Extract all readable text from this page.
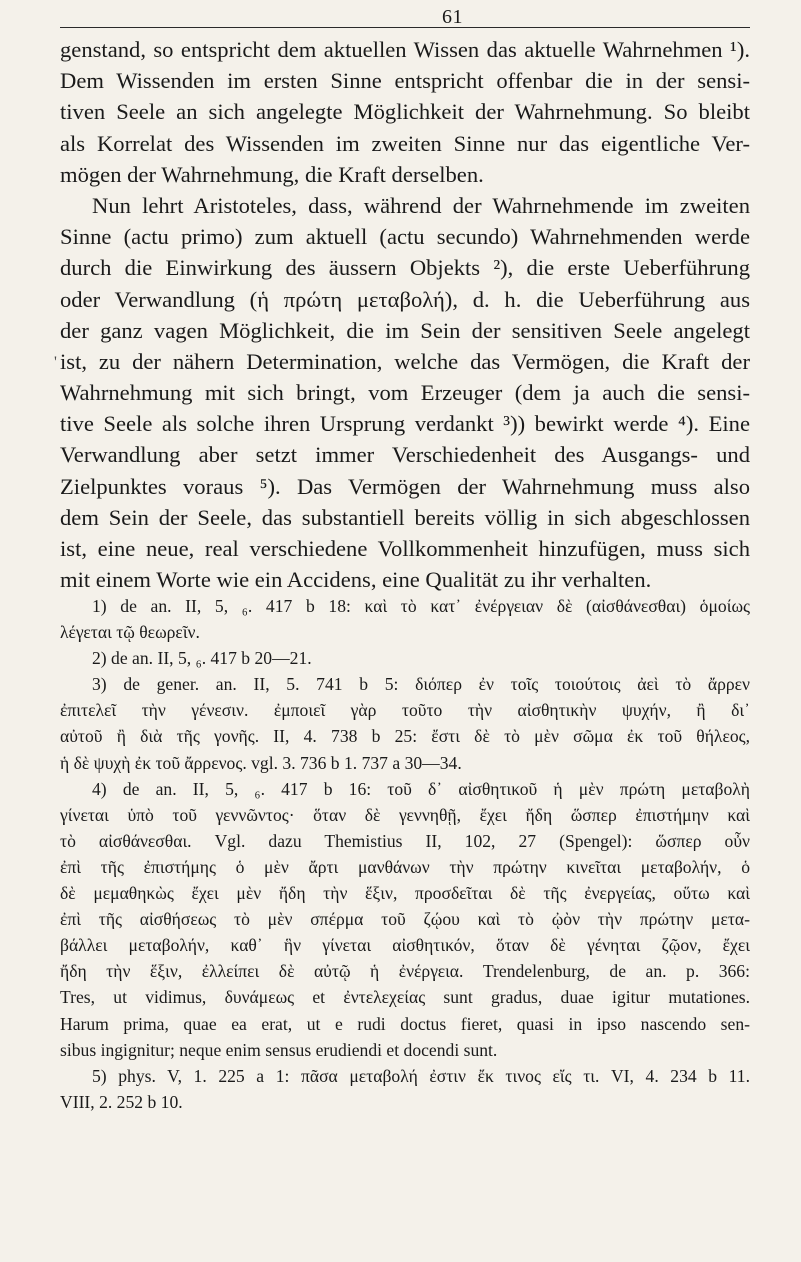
61
genstand, so entspricht dem aktuellen Wissen das aktuelle Wahrnehmen ¹).
Dem Wissenden im ersten Sinne entspricht offenbar die in der sensi-
tiven Seele an sich angelegte Möglichkeit der Wahrnehmung. So bleibt
als Korrelat des Wissenden im zweiten Sinne nur das eigentliche Ver-
mögen der Wahrnehmung, die Kraft derselben.
Nun lehrt Aristoteles, dass, während der Wahrnehmende im zweiten
Sinne (actu primo) zum aktuell (actu secundo) Wahrnehmenden werde
durch die Einwirkung des äussern Objekts ²), die erste Ueberführung
oder Verwandlung (ἡ πρώτη μεταβολή), d. h. die Ueberführung aus
der ganz vagen Möglichkeit, die im Sein der sensitiven Seele angelegt
ist, zu der nähern Determination, welche das Vermögen, die Kraft der
Wahrnehmung mit sich bringt, vom Erzeuger (dem ja auch die sensi-
tive Seele als solche ihren Ursprung verdankt ³)) bewirkt werde ⁴). Eine
Verwandlung aber setzt immer Verschiedenheit des Ausgangs- und
Zielpunktes voraus ⁵). Das Vermögen der Wahrnehmung muss also
dem Sein der Seele, das substantiell bereits völlig in sich abgeschlossen
ist, eine neue, real verschiedene Vollkommenheit hinzufügen, muss sich
mit einem Worte wie ein Accidens, eine Qualität zu ihr verhalten.
1) de an. II, 5, ₆. 417 b 18: καὶ τὸ κατ᾽ ἐνέργειαν δὲ (αἰσθάνεσθαι) ὁμοίως
λέγεται τῷ θεωρεῖν.
2) de an. II, 5, ₆. 417 b 20—21.
3) de gener. an. II, 5. 741 b 5: διόπερ ἐν τοῖς τοιούτοις ἀεὶ τὸ ἄρρεν
ἐπιτελεῖ τὴν γένεσιν. ἐμποιεῖ γὰρ τοῦτο τὴν αἰσθητικὴν ψυχήν, ἢ δι᾽
αὐτοῦ ἢ διὰ τῆς γονῆς. II, 4. 738 b 25: ἔστι δὲ τὸ μὲν σῶμα ἐκ τοῦ θήλεος,
ἡ δὲ ψυχὴ ἐκ τοῦ ἄρρενος. vgl. 3. 736 b 1. 737 a 30—34.
4) de an. II, 5, ₆. 417 b 16: τοῦ δ᾽ αἰσθητικοῦ ἡ μὲν πρώτη μεταβολὴ
γίνεται ὑπὸ τοῦ γεννῶντος· ὅταν δὲ γεννηθῇ, ἔχει ἤδη ὥσπερ ἐπιστήμην καὶ
τὸ αἰσθάνεσθαι. Vgl. dazu Themistius II, 102, 27 (Spengel): ὥσπερ οὖν
ἐπὶ τῆς ἐπιστήμης ὁ μὲν ἄρτι μανθάνων τὴν πρώτην κινεῖται μεταβολήν, ὁ
δὲ μεμαθηκὼς ἔχει μὲν ἤδη τὴν ἕξιν, προσδεῖται δὲ τῆς ἐνεργείας, οὕτω καὶ
ἐπὶ τῆς αἰσθήσεως τὸ μὲν σπέρμα τοῦ ζῴου καὶ τὸ ᾠὸν τὴν πρώτην μετα-
βάλλει μεταβολήν, καθ᾽ ἣν γίνεται αἰσθητικόν, ὅταν δὲ γένηται ζῷον, ἔχει
ἤδη τὴν ἕξιν, ἐλλείπει δὲ αὐτῷ ἡ ἐνέργεια. Trendelenburg, de an. p. 366:
Tres, ut vidimus, δυνάμεως et ἐντελεχείας sunt gradus, duae igitur mutationes.
Harum prima, quae ea erat, ut e rudi doctus fieret, quasi in ipso nascendo sen-
sibus ingignitur; neque enim sensus erudiendi et docendi sunt.
5) phys. V, 1. 225 a 1: πᾶσα μεταβολή ἐστιν ἔκ τινος εἴς τι. VI, 4. 234 b 11.
VIII, 2. 252 b 10.
'
